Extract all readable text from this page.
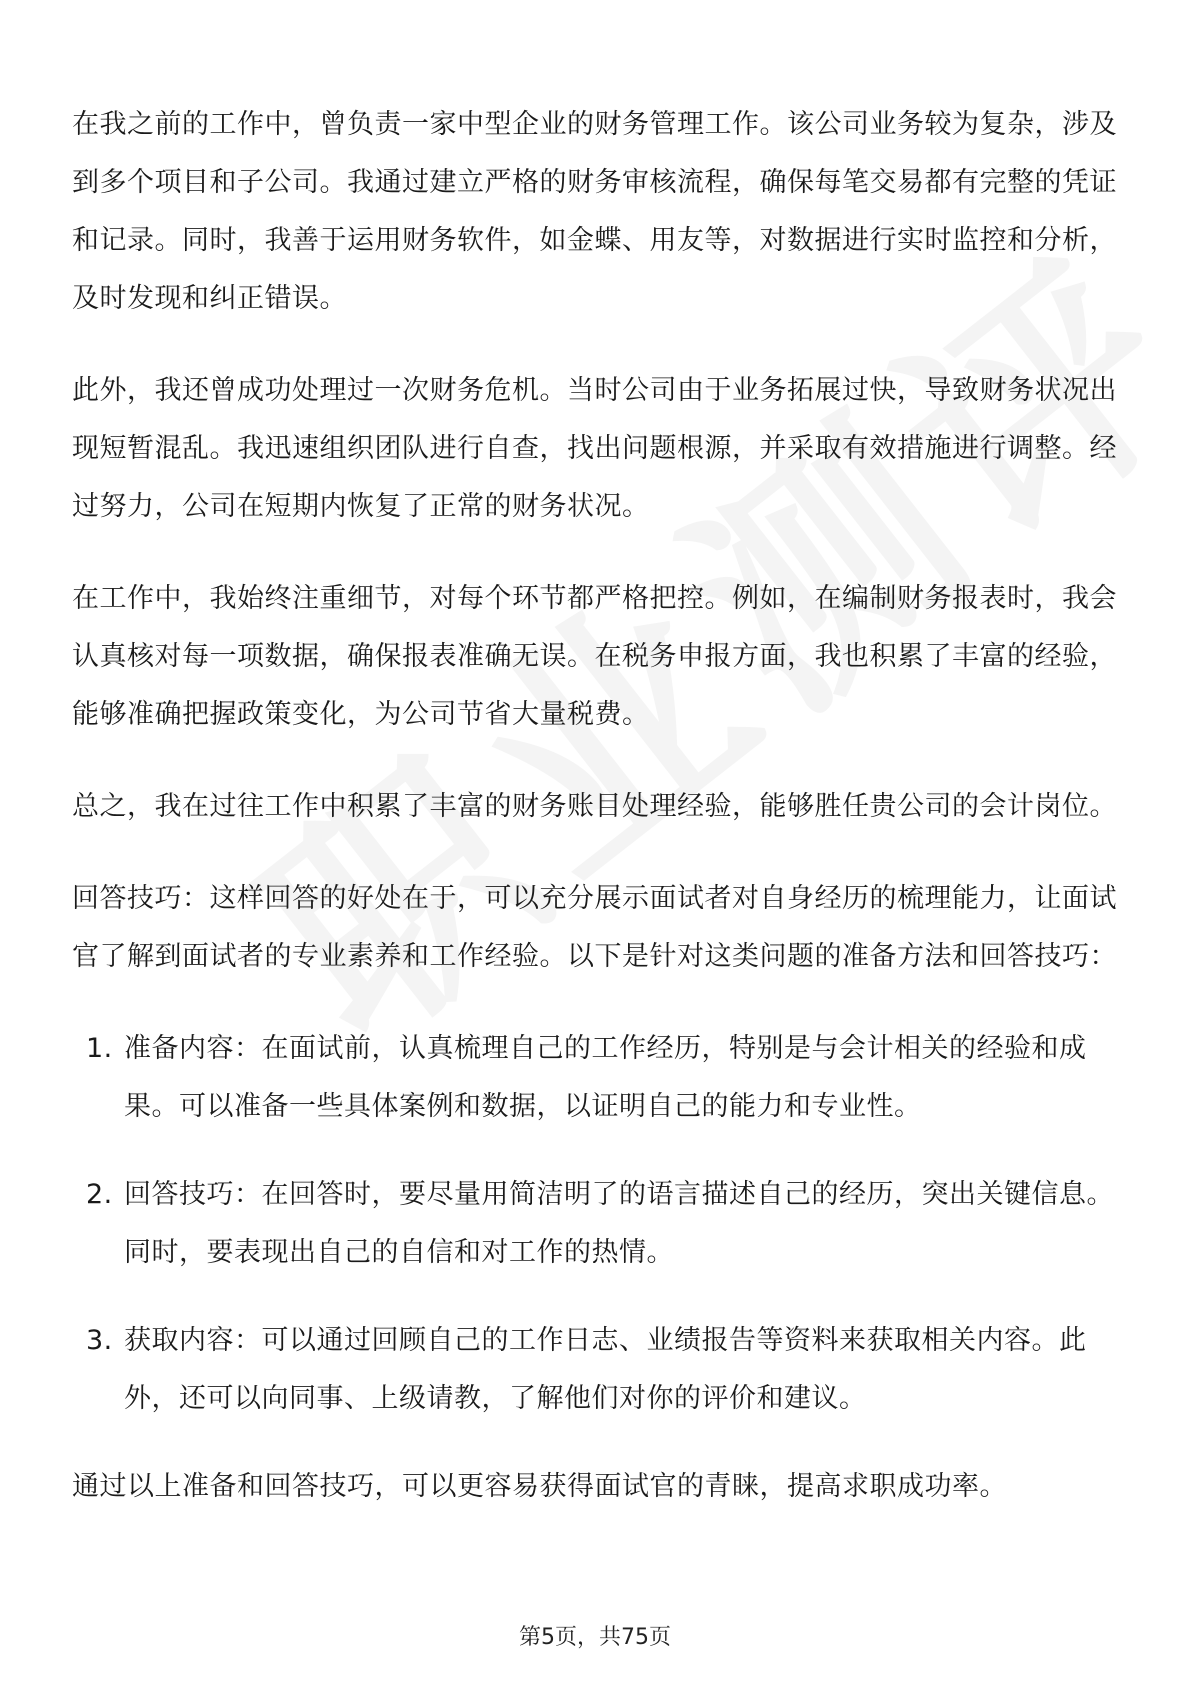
在我之前的工作中，曾负责一家中型企业的财务管理工作。该公司业务较为复杂，涉及到多个项目和子公司。我通过建立严格的财务审核流程，确保每笔交易都有完整的凭证和记录。同时，我善于运用财务软件，如金蝶、用友等，对数据进行实时监控和分析，及时发现和纠正错误。

此外，我还曾成功处理过一次财务危机。当时公司由于业务拓展过快，导致财务状况出现短暂混乱。我迅速组织团队进行自查，找出问题根源，并采取有效措施进行调整。经过努力，公司在短期内恢复了正常的财务状况。

在工作中，我始终注重细节，对每个环节都严格把控。例如，在编制财务报表时，我会认真核对每一项数据，确保报表准确无误。在税务申报方面，我也积累了丰富的经验，能够准确把握政策变化，为公司节省大量税费。

总之，我在过往工作中积累了丰富的财务账目处理经验，能够胜任贵公司的会计岗位。

回答技巧：这样回答的好处在于，可以充分展示面试者对自身经历的梳理能力，让面试官了解到面试者的专业素养和工作经验。以下是针对这类问题的准备方法和回答技巧：

1. 准备内容：在面试前，认真梳理自己的工作经历，特别是与会计相关的经验和成果。可以准备一些具体案例和数据，以证明自己的能力和专业性。
2. 回答技巧：在回答时，要尽量用简洁明了的语言描述自己的经历，突出关键信息。同时，要表现出自己的自信和对工作的热情。
3. 获取内容：可以通过回顾自己的工作日志、业绩报告等资料来获取相关内容。此外，还可以向同事、上级请教，了解他们对你的评价和建议。

通过以上准备和回答技巧，可以更容易获得面试官的青睐，提高求职成功率。

第5页，共75页
